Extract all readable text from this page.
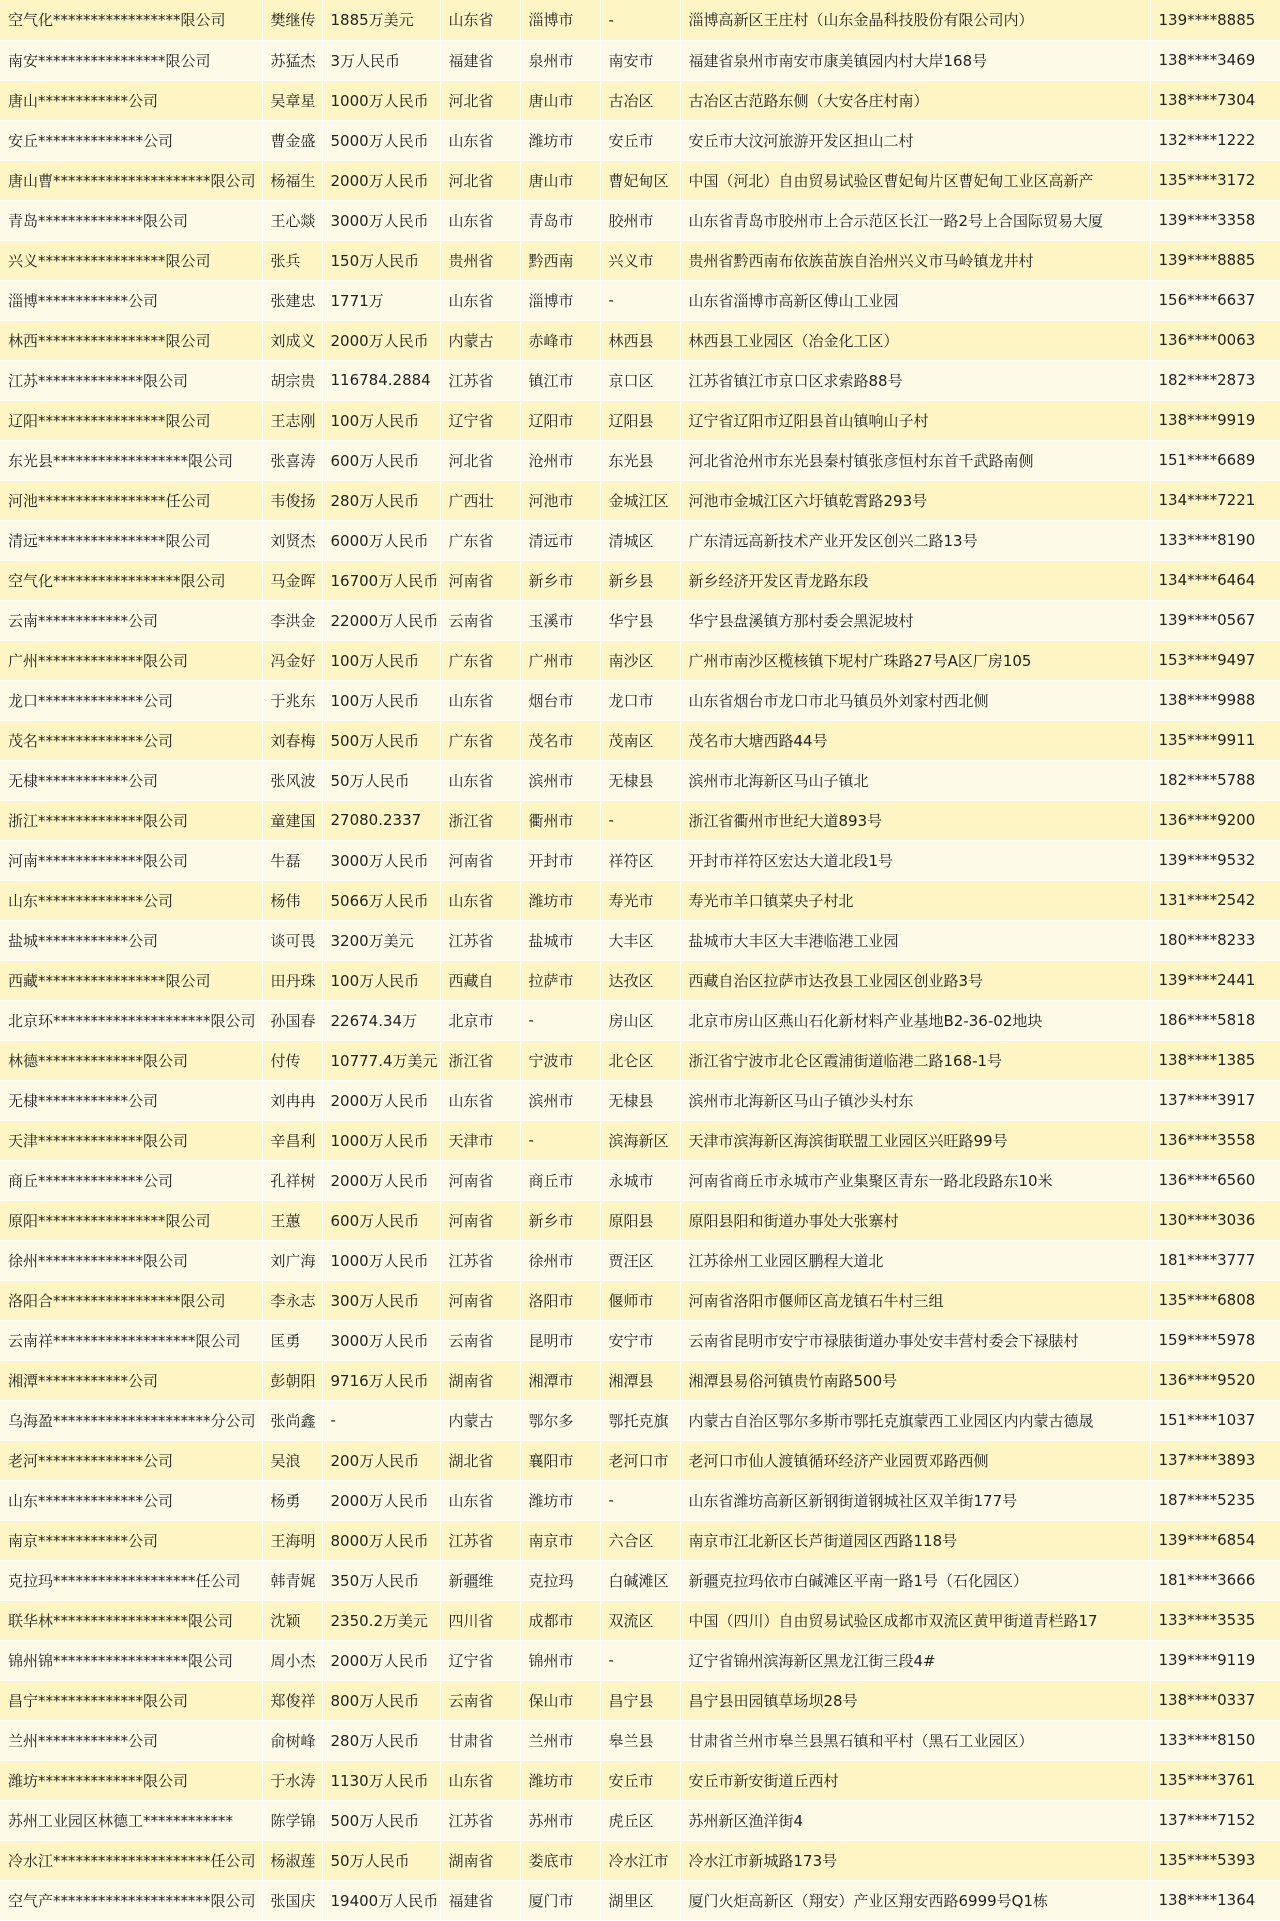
空气化*****************限公司	樊继传	1885万美元	山东省	淄博市	-	淄博高新区王庄村（山东金晶科技股份有限公司内）	139****8885
南安*****************限公司	苏猛杰	3万人民币	福建省	泉州市	南安市	福建省泉州市南安市康美镇园内村大岸168号	138****3469
唐山************公司	吴章星	1000万人民币	河北省	唐山市	古冶区	古冶区古范路东侧（大安各庄村南）	138****7304
安丘**************公司	曹金盛	5000万人民币	山东省	潍坊市	安丘市	安丘市大汶河旅游开发区担山二村	132****1222
唐山曹*********************限公司	杨福生	2000万人民币	河北省	唐山市	曹妃甸区	中国（河北）自由贸易试验区曹妃甸片区曹妃甸工业区高新产	135****3172
青岛**************限公司	王心燚	3000万人民币	山东省	青岛市	胶州市	山东省青岛市胶州市上合示范区长江一路2号上合国际贸易大厦	139****3358
兴义*****************限公司	张兵	150万人民币	贵州省	黔西南	兴义市	贵州省黔西南布依族苗族自治州兴义市马岭镇龙井村	139****8885
淄博************公司	张建忠	1771万	山东省	淄博市	-	山东省淄博市高新区傅山工业园	156****6637
林西*****************限公司	刘成义	2000万人民币	内蒙古	赤峰市	林西县	林西县工业园区（冶金化工区）	136****0063
江苏**************限公司	胡宗贵	116784.2884	江苏省	镇江市	京口区	江苏省镇江市京口区求索路88号	182****2873
辽阳*****************限公司	王志刚	100万人民币	辽宁省	辽阳市	辽阳县	辽宁省辽阳市辽阳县首山镇响山子村	138****9919
东光县******************限公司	张喜涛	600万人民币	河北省	沧州市	东光县	河北省沧州市东光县秦村镇张彦恒村东首千武路南侧	151****6689
河池*****************任公司	韦俊扬	280万人民币	广西壮	河池市	金城江区	河池市金城江区六圩镇乾霄路293号	134****7221
清远*****************限公司	刘贤杰	6000万人民币	广东省	清远市	清城区	广东清远高新技术产业开发区创兴二路13号	133****8190
空气化*****************限公司	马金晖	16700万人民币	河南省	新乡市	新乡县	新乡经济开发区青龙路东段	134****6464
云南************公司	李洪金	22000万人民币	云南省	玉溪市	华宁县	华宁县盘溪镇方那村委会黑泥坡村	139****0567
广州**************限公司	冯金好	100万人民币	广东省	广州市	南沙区	广州市南沙区榄核镇下坭村广珠路27号A区厂房105	153****9497
龙口**************公司	于兆东	100万人民币	山东省	烟台市	龙口市	山东省烟台市龙口市北马镇员外刘家村西北侧	138****9988
茂名**************公司	刘春梅	500万人民币	广东省	茂名市	茂南区	茂名市大塘西路44号	135****9911
无棣************公司	张风波	50万人民币	山东省	滨州市	无棣县	滨州市北海新区马山子镇北	182****5788
浙江**************限公司	童建国	27080.2337	浙江省	衢州市	-	浙江省衢州市世纪大道893号	136****9200
河南**************限公司	牛磊	3000万人民币	河南省	开封市	祥符区	开封市祥符区宏达大道北段1号	139****9532
山东**************公司	杨伟	5066万人民币	山东省	潍坊市	寿光市	寿光市羊口镇菜央子村北	131****2542
盐城************公司	谈可畏	3200万美元	江苏省	盐城市	大丰区	盐城市大丰区大丰港临港工业园	180****8233
西藏*****************限公司	田丹珠	100万人民币	西藏自	拉萨市	达孜区	西藏自治区拉萨市达孜县工业园区创业路3号	139****2441
北京环*********************限公司	孙国春	22674.34万	北京市	-	房山区	北京市房山区燕山石化新材料产业基地B2-36-02地块	186****5818
林德**************限公司	付传	10777.4万美元	浙江省	宁波市	北仑区	浙江省宁波市北仑区霞浦街道临港二路168-1号	138****1385
无棣************公司	刘冉冉	2000万人民币	山东省	滨州市	无棣县	滨州市北海新区马山子镇沙头村东	137****3917
天津**************限公司	辛昌利	1000万人民币	天津市	-	滨海新区	天津市滨海新区海滨街联盟工业园区兴旺路99号	136****3558
商丘**************公司	孔祥树	2000万人民币	河南省	商丘市	永城市	河南省商丘市永城市产业集聚区青东一路北段路东10米	136****6560
原阳*****************限公司	王蕙	600万人民币	河南省	新乡市	原阳县	原阳县阳和街道办事处大张寨村	130****3036
徐州**************限公司	刘广海	1000万人民币	江苏省	徐州市	贾汪区	江苏徐州工业园区鹏程大道北	181****3777
洛阳合*****************限公司	李永志	300万人民币	河南省	洛阳市	偃师市	河南省洛阳市偃师区高龙镇石牛村三组	135****6808
云南祥*******************限公司	匡勇	3000万人民币	云南省	昆明市	安宁市	云南省昆明市安宁市禄脿街道办事处安丰营村委会下禄脿村	159****5978
湘潭************公司	彭朝阳	9716万人民币	湖南省	湘潭市	湘潭县	湘潭县易俗河镇贵竹南路500号	136****9520
乌海盈*********************分公司	张尚鑫	-	内蒙古	鄂尔多	鄂托克旗	内蒙古自治区鄂尔多斯市鄂托克旗蒙西工业园区内内蒙古德晟	151****1037
老河**************公司	吴浪	200万人民币	湖北省	襄阳市	老河口市	老河口市仙人渡镇循环经济产业园贾邓路西侧	137****3893
山东**************公司	杨勇	2000万人民币	山东省	潍坊市	-	山东省潍坊高新区新钢街道钢城社区双羊街177号	187****5235
南京************公司	王海明	8000万人民币	江苏省	南京市	六合区	南京市江北新区长芦街道园区西路118号	139****6854
克拉玛*******************任公司	韩青娓	350万人民币	新疆维	克拉玛	白碱滩区	新疆克拉玛依市白碱滩区平南一路1号（石化园区）	181****3666
联华林******************限公司	沈颖	2350.2万美元	四川省	成都市	双流区	中国（四川）自由贸易试验区成都市双流区黄甲街道青栏路17	133****3535
锦州锦******************限公司	周小杰	2000万人民币	辽宁省	锦州市	-	辽宁省锦州滨海新区黑龙江街三段4#	139****9119
昌宁**************限公司	郑俊祥	800万人民币	云南省	保山市	昌宁县	昌宁县田园镇草场坝28号	138****0337
兰州************公司	俞树峰	280万人民币	甘肃省	兰州市	皋兰县	甘肃省兰州市皋兰县黑石镇和平村（黑石工业园区）	133****8150
潍坊**************限公司	于水涛	1130万人民币	山东省	潍坊市	安丘市	安丘市新安街道丘西村	135****3761
苏州工业园区林德工************	陈学锦	500万人民币	江苏省	苏州市	虎丘区	苏州新区渔洋街4	137****7152
冷水江*********************任公司	杨淑莲	50万人民币	湖南省	娄底市	冷水江市	冷水江市新城路173号	135****5393
空气产*********************限公司	张国庆	19400万人民币	福建省	厦门市	湖里区	厦门火炬高新区（翔安）产业区翔安西路6999号Q1栋	138****1364
